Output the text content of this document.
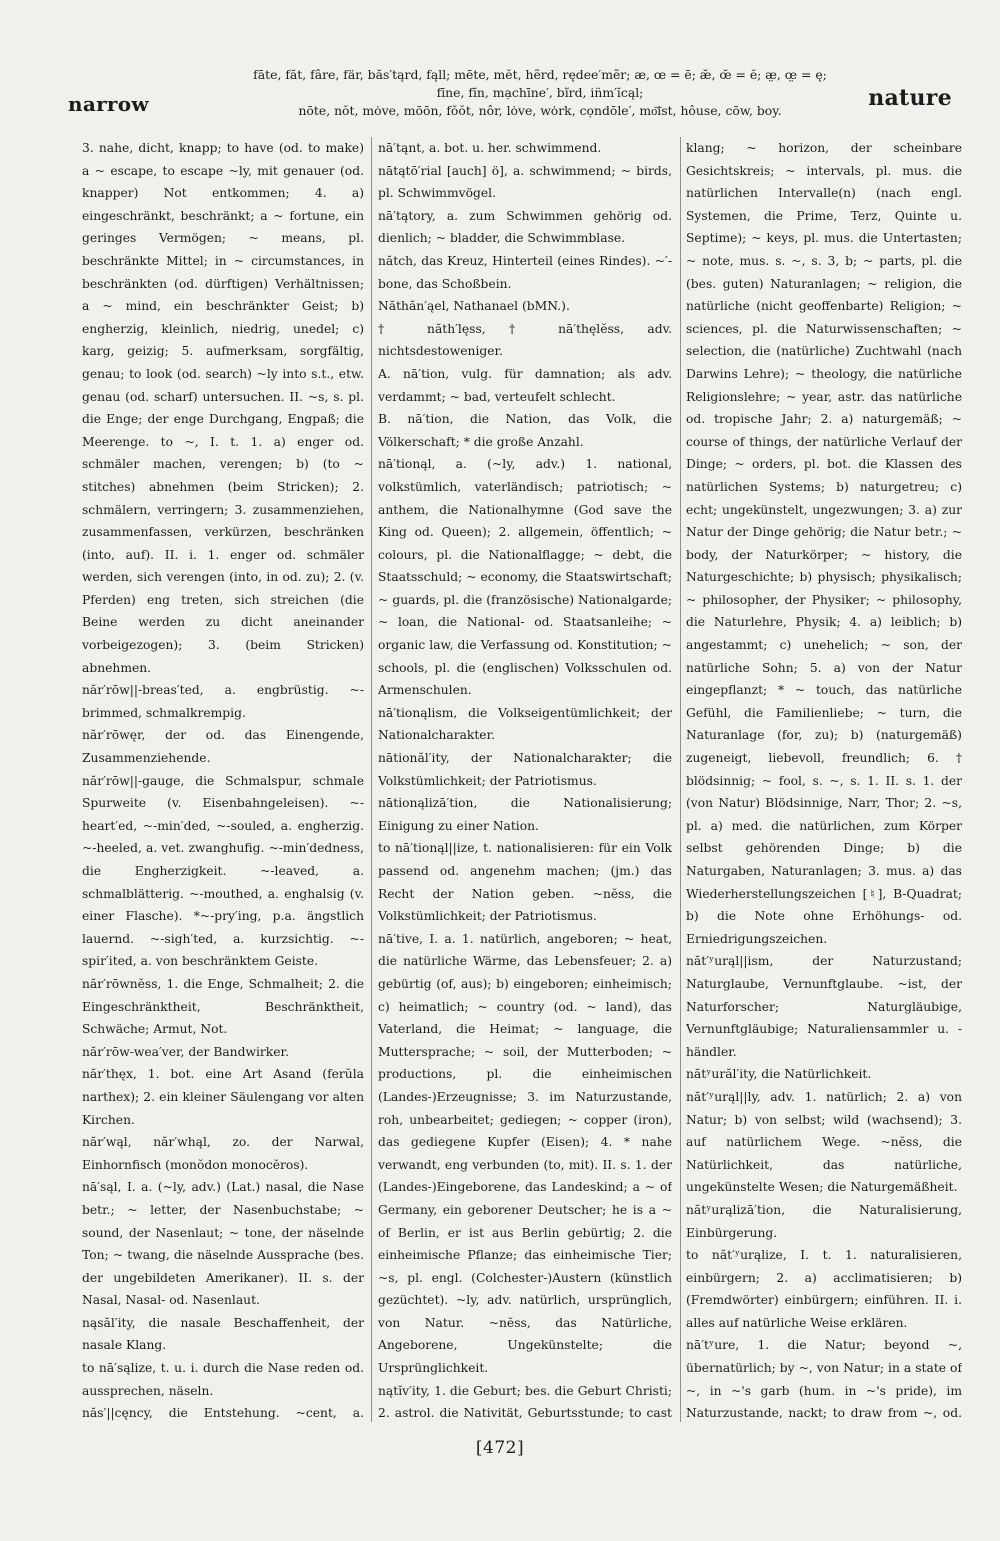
narrow
fāte, făt, fâre, fär, băs′tąrd, fąll; mēte, mĕt, hẽrd, rędee′mẽr; æ, œ = ē; æ̆, œ̆ = ĕ; æ̤, œ̤ = ę;
fīne, fĭn, mạchīne′, bĩrd, in̈m′ĭcąl;
nōte, nŏt, mȯve, mōōn, fŏŏt, nôr, lȯve, wȯrk, cọndōle′, mo͞ist, hôuse, cōw, boy.	nature

3. nahe, dicht, knapp; to have (od. to make) a ~ escape, to escape ~ly, mit genauer (od. knapper) Not entkommen; 4. a) eingeschränkt, beschränkt; a ~ fortune, ein geringes Vermögen; ~ means, pl. beschränkte Mittel; in ~ circumstances, in beschränkten (od. dürftigen) Verhältnissen; a ~ mind, ein beschränkter Geist; b) engherzig, kleinlich, niedrig, unedel; c) karg, geizig; 5. aufmerksam, sorgfältig, genau; to look (od. search) ~ly into s.t., etw. genau (od. scharf) untersuchen. II. ~s, s. pl. die Enge; der enge Durchgang, Engpaß; die Meerenge. to ~, I. t. 1. a) enger od. schmäler machen, verengen; b) (to ~ stitches) abnehmen (beim Stricken); 2. schmälern, verringern; 3. zusammenziehen, zusammenfassen, verkürzen, beschränken (into, auf). II. i. 1. enger od. schmäler werden, sich verengen (into, in od. zu); 2. (v. Pferden) eng treten, sich streichen (die Beine werden zu dicht aneinander vorbeigezogen); 3. (beim Stricken) abnehmen.

năr′rōw||-breas′ted, a. engbrüstig. ~-brimmed, schmalkrempig.

năr′rōwęr, der od. das Einengende, Zusammenziehende.

năr′rōw||-gauge, die Schmalspur, schmale Spurweite (v. Eisenbahngeleisen). ~-heart′ed, ~-min′ded, ~-souled, a. engherzig. ~-heeled, a. vet. zwanghufig. ~-min′dedness, die Engherzigkeit. ~-leaved, a. schmalblätterig. ~-mouthed, a. enghalsig (v. einer Flasche). *~-pry′ing, p.a. ängstlich lauernd. ~-sigh′ted, a. kurzsichtig. ~-spir′ited, a. von beschränktem Geiste.

năr′rōwnĕss, 1. die Enge, Schmalheit; 2. die Eingeschränktheit, Beschränktheit, Schwäche; Armut, Not.

năr′rōw-wea′ver, der Bandwirker.

năr′thęx, 1. bot. eine Art Asand (ferŭla narthex); 2. ein kleiner Säulengang vor alten Kirchen.

năr′wąl, năr′whąl, zo. der Narwal, Einhornfisch (monŏdon monocĕros).

nā′sąl, I. a. (~ly, adv.) (Lat.) nasal, die Nase betr.; ~ letter, der Nasenbuchstabe; ~ sound, der Nasenlaut; ~ tone, der näselnde Ton; ~ twang, die näselnde Aussprache (bes. der ungebildeten Amerikaner). II. s. der Nasal, Nasal- od. Nasenlaut.

nąsăl′ity, die nasale Beschaffenheit, der nasale Klang.

to nā′sąlize, t. u. i. durch die Nase reden od. aussprechen, näseln.

năs′||cęncy, die Entstehung. ~cent, a.

nā′tąnt, a. bot. u. her. schwimmend.

nātątō′rial [auch] ö], a. schwimmend; ~ birds, pl. Schwimmvögel.

nā′tątory, a. zum Schwimmen gehörig od. dienlich; ~ bladder, die Schwimmblase.

nătch, das Kreuz, Hinterteil (eines Rindes). ~′-bone, das Schoßbein.

Năthăn′ąel, Nathanael (bMN.).

† năth′lęss, † nā′thęlĕss, adv. nichtsdestoweniger.

A. nā′tion, vulg. für damnation; als adv. verdammt; ~ bad, verteufelt schlecht.

B. nā′tion, die Nation, das Volk, die Völkerschaft; * die große Anzahl.

nā′tionąl, a. (~ly, adv.) 1. national, volkstümlich, vaterländisch; patriotisch; ~ anthem, die Nationalhymne (God save the King od. Queen); 2. allgemein, öffentlich; ~ colours, pl. die Nationalflagge; ~ debt, die Staatsschuld; ~ economy, die Staatswirtschaft; ~ guards, pl. die (französische) Nationalgarde; ~ loan, die National- od. Staatsanleihe; ~ organic law, die Verfassung od. Konstitution; ~ schools, pl. die (englischen) Volksschulen od. Armenschulen.

nā′tionąlism, die Volkseigentümlichkeit; der Nationalcharakter.

nātionăl′ity, der Nationalcharakter; die Volkstümlichkeit; der Patriotismus.

nātionąlizā′tion, die Nationalisierung; Einigung zu einer Nation.

to nā′tionąl||ize, t. nationalisieren: für ein Volk passend od. angenehm machen; (jm.) das Recht der Nation geben. ~nĕss, die Volkstümlichkeit; der Patriotismus.

nā′tive, I. a. 1. natürlich, angeboren; ~ heat, die natürliche Wärme, das Lebensfeuer; 2. a) gebürtig (of, aus); b) eingeboren; einheimisch; c) heimatlich; ~ country (od. ~ land), das Vaterland, die Heimat; ~ language, die Muttersprache; ~ soil, der Mutterboden; ~ productions, pl. die einheimischen (Landes-)Erzeugnisse; 3. im Naturzustande, roh, unbearbeitet; gediegen; ~ copper (iron), das gediegene Kupfer (Eisen); 4. * nahe verwandt, eng verbunden (to, mit). II. s. 1. der (Landes-)Eingeborene, das Landeskind; a ~ of Germany, ein geborener Deutscher; he is a ~ of Berlin, er ist aus Berlin gebürtig; 2. die einheimische Pflanze; das einheimische Tier; ~s, pl. engl. (Colchester-)Austern (künstlich gezüchtet). ~ly, adv. natürlich, ursprünglich, von Natur. ~nĕss, das Natürliche, Angeborene, Ungekünstelte; die Ursprünglichkeit.

nątĭv′ity, 1. die Geburt; bes. die Geburt Christi; 2. astrol. die Nativität, Geburtsstunde; to cast

klang; ~ horizon, der scheinbare Gesichtskreis; ~ intervals, pl. mus. die natürlichen Intervalle(n) (nach engl. Systemen, die Prime, Terz, Quinte u. Septime); ~ keys, pl. mus. die Untertasten; ~ note, mus. s. ~, s. 3, b; ~ parts, pl. die (bes. guten) Naturanlagen; ~ religion, die natürliche (nicht geoffenbarte) Religion; ~ sciences, pl. die Naturwissenschaften; ~ selection, die (natürliche) Zuchtwahl (nach Darwins Lehre); ~ theology, die natürliche Religionslehre; ~ year, astr. das natürliche od. tropische Jahr; 2. a) naturgemäß; ~ course of things, der natürliche Verlauf der Dinge; ~ orders, pl. bot. die Klassen des natürlichen Systems; b) naturgetreu; c) echt; ungekünstelt, ungezwungen; 3. a) zur Natur der Dinge gehörig; die Natur betr.; ~ body, der Naturkörper; ~ history, die Naturgeschichte; b) physisch; physikalisch; ~ philosopher, der Physiker; ~ philosophy, die Naturlehre, Physik; 4. a) leiblich; b) angestammt; c) unehelich; ~ son, der natürliche Sohn; 5. a) von der Natur eingepflanzt; * ~ touch, das natürliche Gefühl, die Familienliebe; ~ turn, die Naturanlage (for, zu); b) (naturgemäß) zugeneigt, liebevoll, freundlich; 6. † blödsinnig; ~ fool, s. ~, s. 1. II. s. 1. der (von Natur) Blödsinnige, Narr, Thor; 2. ~s, pl. a) med. die natürlichen, zum Körper selbst gehörenden Dinge; b) die Naturgaben, Naturanlagen; 3. mus. a) das Wiederherstellungszeichen [♮], B-Quadrat; b) die Note ohne Erhöhungs- od. Erniedrigungszeichen.

năt′ʸurąl||ism, der Naturzustand; Naturglaube, Vernunftglaube. ~ist, der Naturforscher; Naturgläubige, Vernunftgläubige; Naturaliensammler u. -händler.

nătʸurăl′ity, die Natürlichkeit.

năt′ʸurąl||ly, adv. 1. natürlich; 2. a) von Natur; b) von selbst; wild (wachsend); 3. auf natürlichem Wege. ~nĕss, die Natürlichkeit, das natürliche, ungekünstelte Wesen; die Naturgemäßheit.

nătʸurąlizā′tion, die Naturalisierung, Einbürgerung.

to năt′ʸurąlize, I. t. 1. naturalisieren, einbürgern; 2. a) acclimatisieren; b) (Fremdwörter) einbürgern; einführen. II. i. alles auf natürliche Weise erklären.

nā′tʸure, 1. die Natur; beyond ~, übernatürlich; by ~, von Natur; in a state of ~, in ~'s garb (hum. in ~'s pride), im Naturzustande, nackt; to draw from ~, od.

[472]
